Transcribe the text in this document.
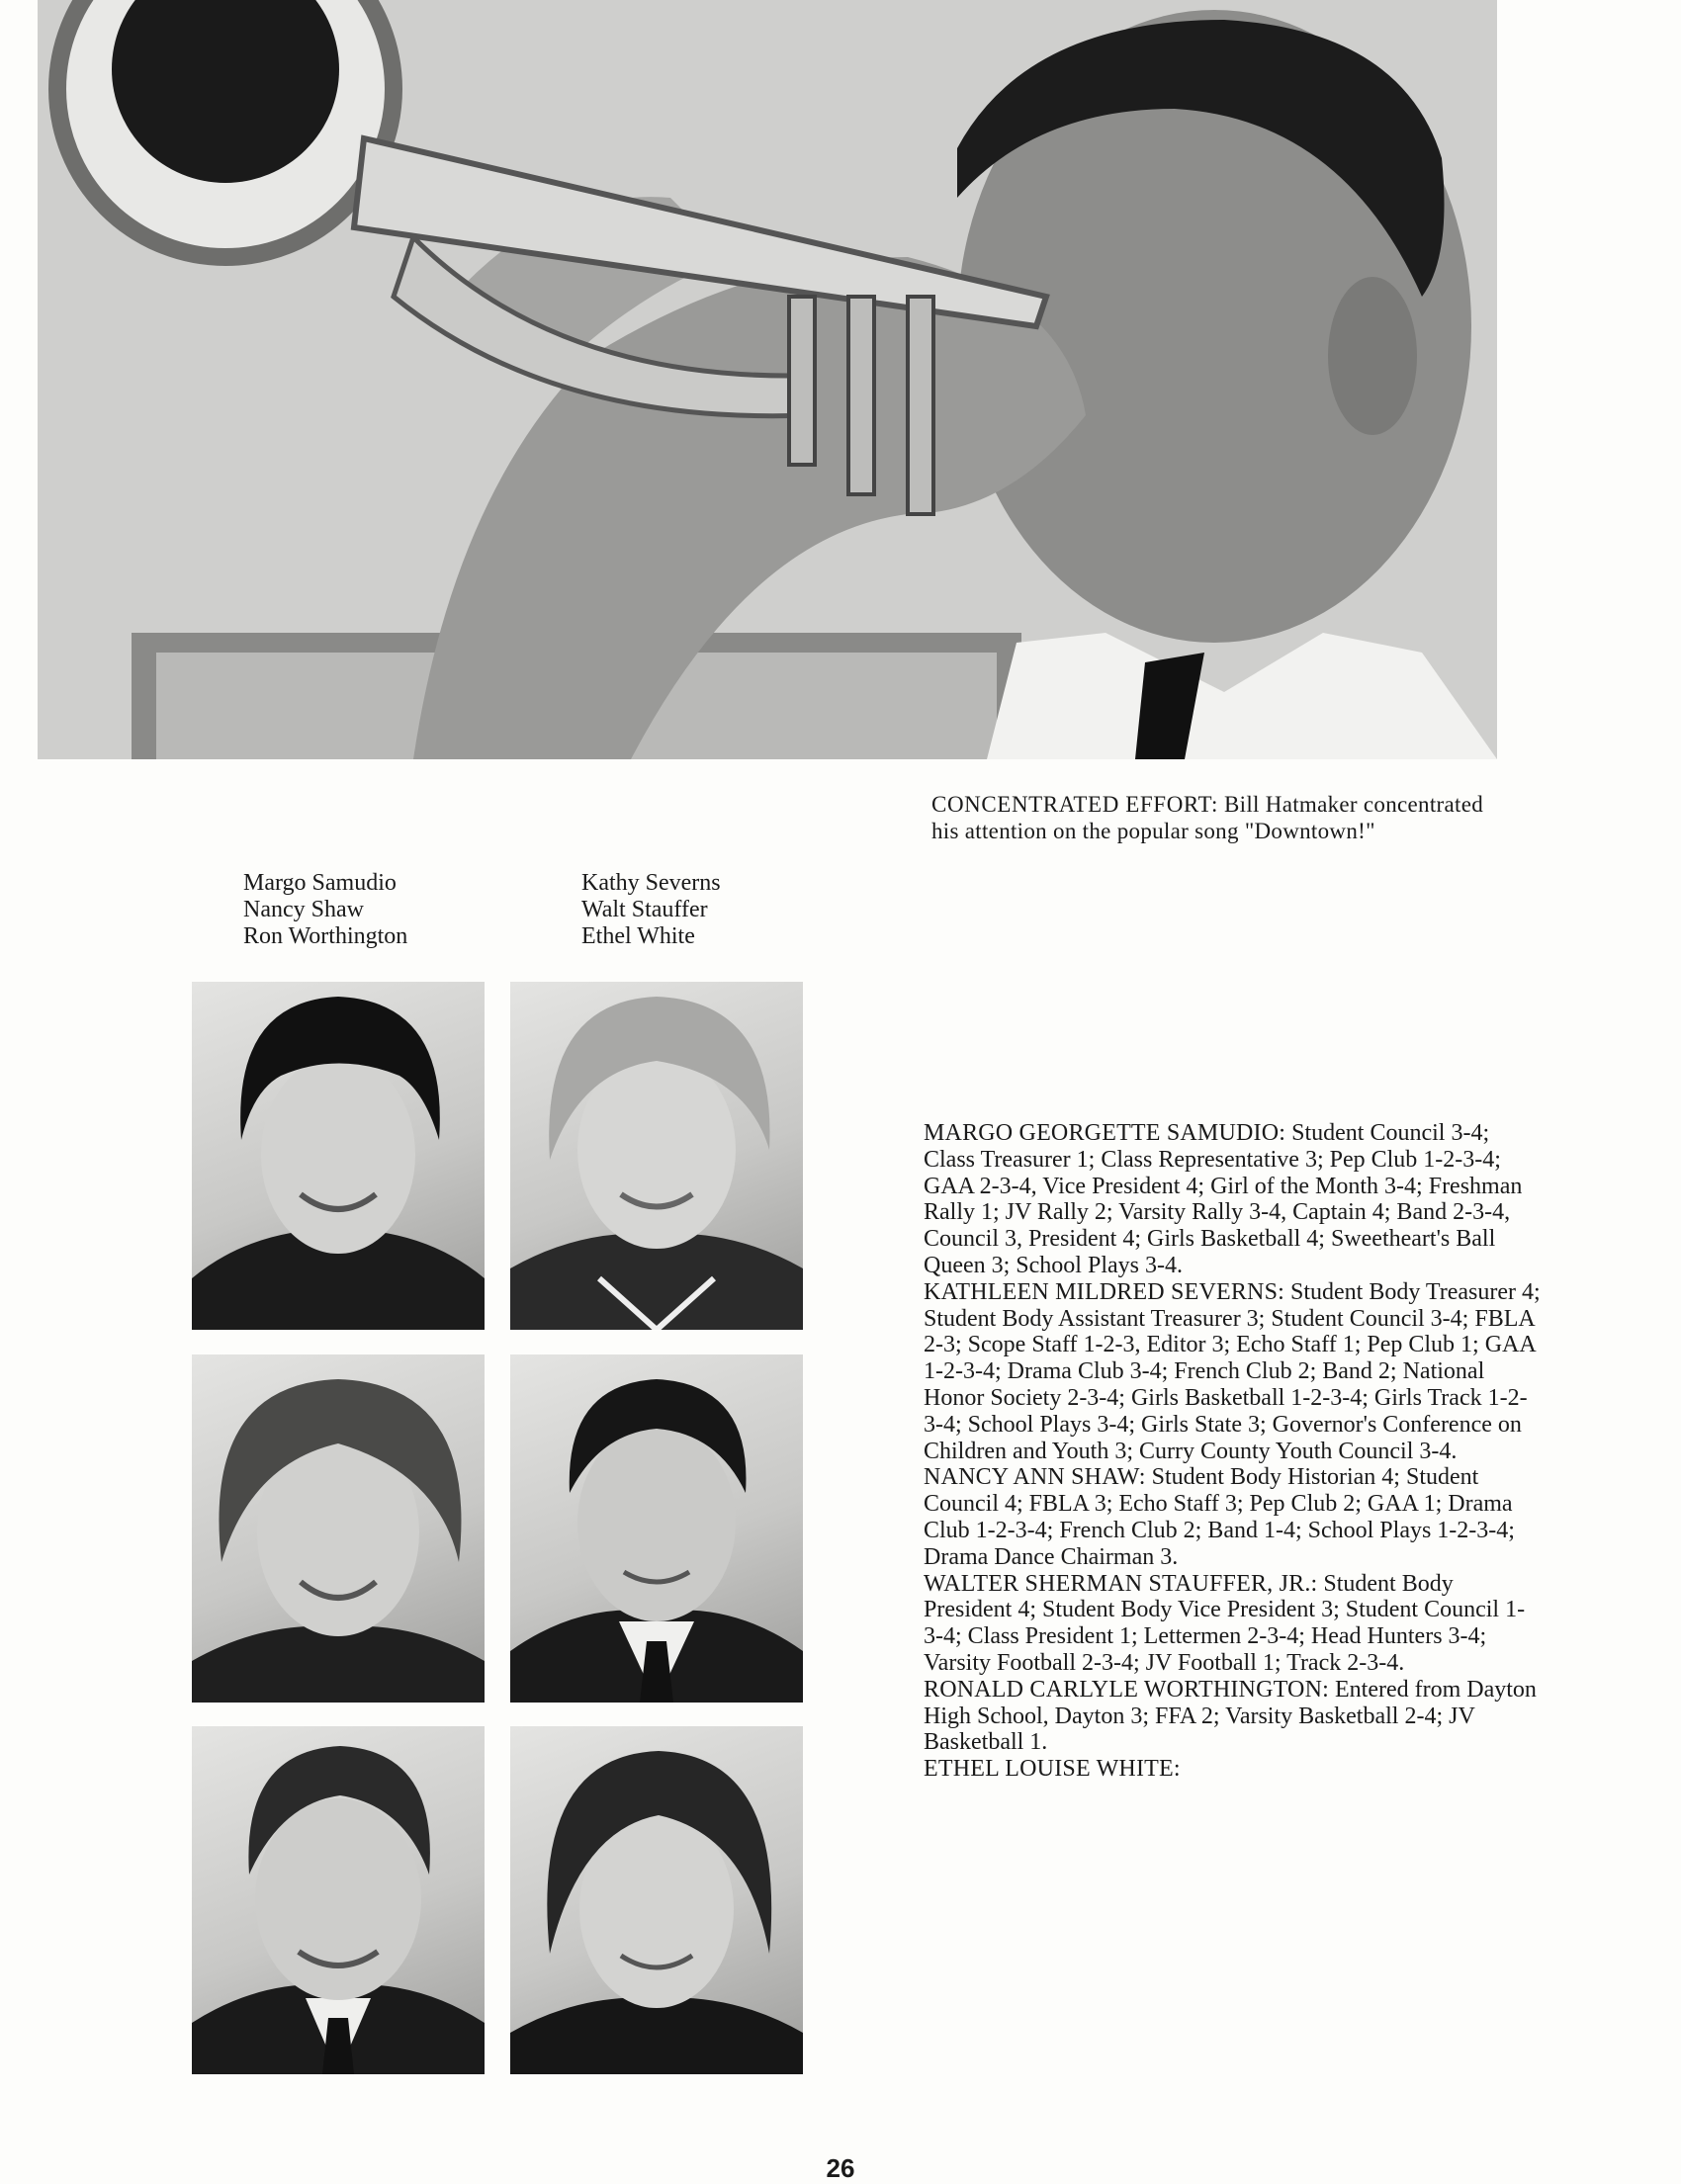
CONCENTRATED EFFORT: Bill Hatmaker concentrated his attention on the popular song "Downtown!"
Margo Samudio
Nancy Shaw
Ron Worthington
Kathy Severns
Walt Stauffer
Ethel White

MARGO GEORGETTE SAMUDIO: Student Council 3-4; Class Treasurer 1; Class Representative 3; Pep Club 1-2-3-4; GAA 2-3-4, Vice President 4; Girl of the Month 3-4; Freshman Rally 1; JV Rally 2; Varsity Rally 3-4, Captain 4; Band 2-3-4, Council 3, President 4; Girls Basketball 4; Sweetheart's Ball Queen 3; School Plays 3-4.

KATHLEEN MILDRED SEVERNS: Student Body Treasurer 4; Student Body Assistant Treasurer 3; Student Council 3-4; FBLA 2-3; Scope Staff 1-2-3, Editor 3; Echo Staff 1; Pep Club 1; GAA 1-2-3-4; Drama Club 3-4; French Club 2; Band 2; National Honor Society 2-3-4; Girls Basketball 1-2-3-4; Girls Track 1-2-3-4; School Plays 3-4; Girls State 3; Governor's Conference on Children and Youth 3; Curry County Youth Council 3-4.

NANCY ANN SHAW: Student Body Historian 4; Student Council 4; FBLA 3; Echo Staff 3; Pep Club 2; GAA 1; Drama Club 1-2-3-4; French Club 2; Band 1-4; School Plays 1-2-3-4; Drama Dance Chairman 3.

WALTER SHERMAN STAUFFER, JR.: Student Body President 4; Student Body Vice President 3; Student Council 1-3-4; Class President 1; Lettermen 2-3-4; Head Hunters 3-4; Varsity Football 2-3-4; JV Football 1; Track 2-3-4.

RONALD CARLYLE WORTHINGTON: Entered from Dayton High School, Dayton 3; FFA 2; Varsity Basketball 2-4; JV Basketball 1.

ETHEL LOUISE WHITE:

26
